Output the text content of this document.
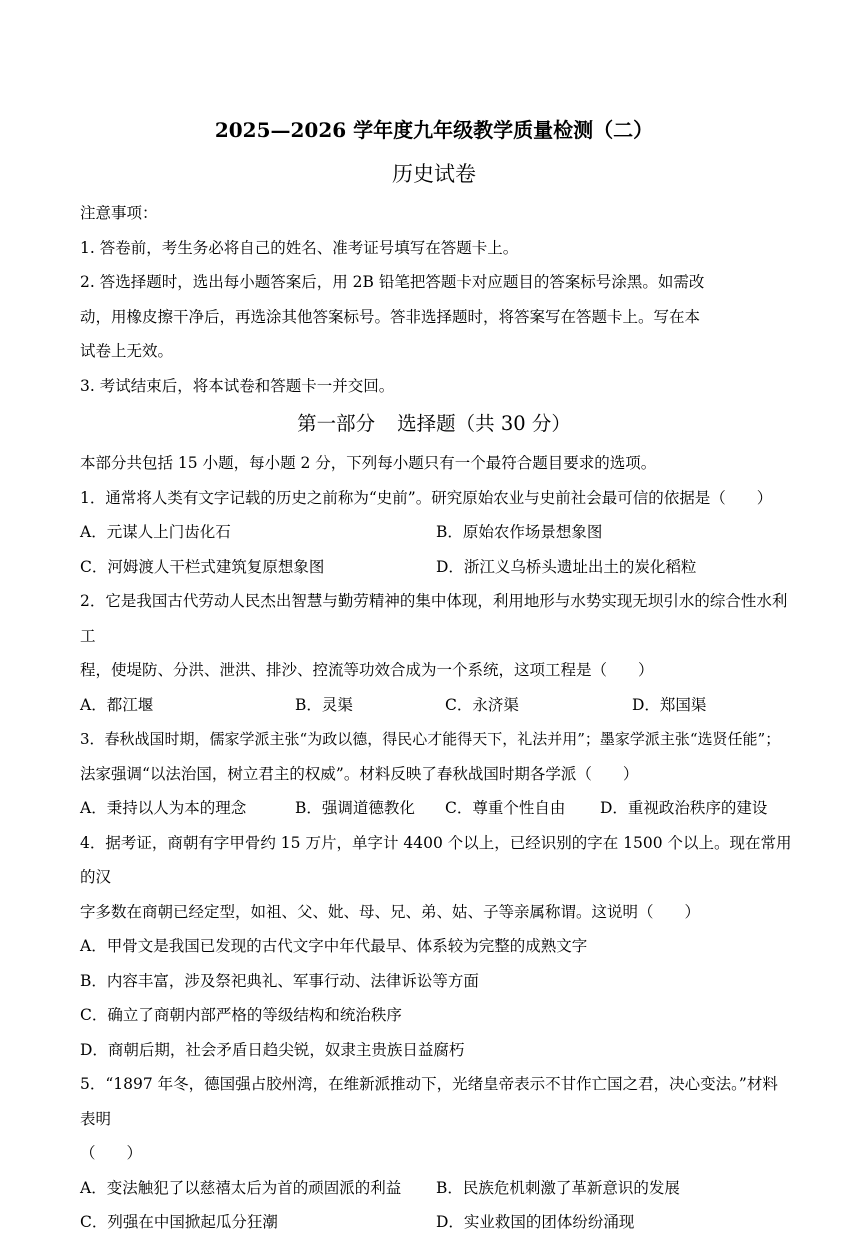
2025—2026 学年度九年级教学质量检测（二）
历史试卷

注意事项：

1. 答卷前，考生务必将自己的姓名、准考证号填写在答题卡上。

2. 答选择题时，选出每小题答案后，用 2B 铅笔把答题卡对应题目的答案标号涂黑。如需改

动，用橡皮擦干净后，再选涂其他答案标号。答非选择题时，将答案写在答题卡上。写在本

试卷上无效。

3. 考试结束后，将本试卷和答题卡一并交回。

第一部分 选择题（共 30 分）

本部分共包括 15 小题，每小题 2 分，下列每小题只有一个最符合题目要求的选项。

1．通常将人类有文字记载的历史之前称为“史前”。研究原始农业与史前社会最可信的依据是（　　）

A．元谋人上门齿化石	B．原始农作场景想象图
C．河姆渡人干栏式建筑复原想象图	D．浙江义乌桥头遗址出土的炭化稻粒

2．它是我国古代劳动人民杰出智慧与勤劳精神的集中体现，利用地形与水势实现无坝引水的综合性水利工

程，使堤防、分洪、泄洪、排沙、控流等功效合成为一个系统，这项工程是（　　）

A．都江堰	B．灵渠	C．永济渠	D．郑国渠

3．春秋战国时期，儒家学派主张“为政以德，得民心才能得天下，礼法并用”；墨家学派主张“选贤任能”；

法家强调“以法治国，树立君主的权威”。材料反映了春秋战国时期各学派（　　）

A．秉持以人为本的理念	B．强调道德教化	C．尊重个性自由	D．重视政治秩序的建设

4．据考证，商朝有字甲骨约 15 万片，单字计 4400 个以上，已经识别的字在 1500 个以上。现在常用的汉

字多数在商朝已经定型，如祖、父、妣、母、兄、弟、姑、子等亲属称谓。这说明（　　）

A．甲骨文是我国已发现的古代文字中年代最早、体系较为完整的成熟文字

B．内容丰富，涉及祭祀典礼、军事行动、法律诉讼等方面

C．确立了商朝内部严格的等级结构和统治秩序

D．商朝后期，社会矛盾日趋尖锐，奴隶主贵族日益腐朽

5．“1897 年冬，德国强占胶州湾，在维新派推动下，光绪皇帝表示不甘作亡国之君，决心变法。”材料表明

（　　）

A．变法触犯了以慈禧太后为首的顽固派的利益	B．民族危机刺激了革新意识的发展
C．列强在中国掀起瓜分狂潮	D．实业救国的团体纷纷涌现
